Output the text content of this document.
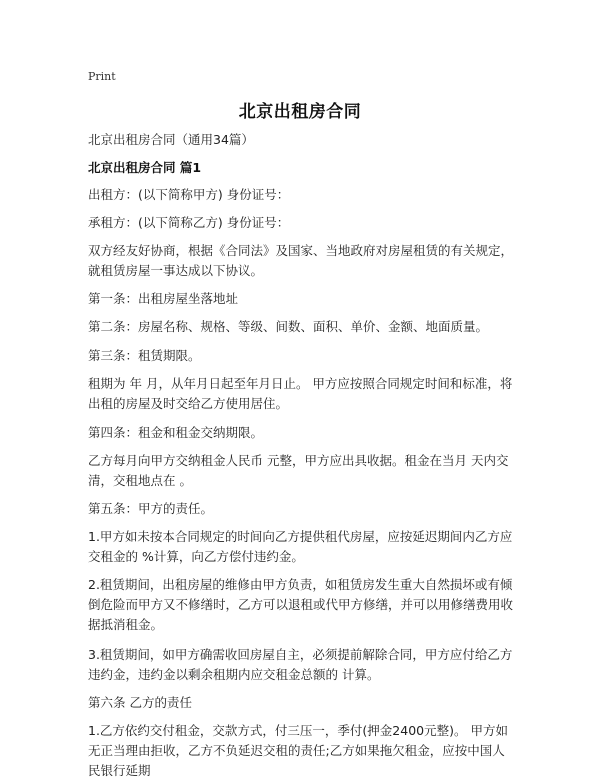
Print
北京出租房合同

北京出租房合同（通用34篇）

北京出租房合同 篇1

出租方：(以下简称甲方) 身份证号：

承租方：(以下简称乙方) 身份证号：

双方经友好协商，根据《合同法》及国家、当地政府对房屋租赁的有关规定，就租赁房屋一事达成以下协议。

第一条：出租房屋坐落地址

第二条：房屋名称、规格、等级、间数、面积、单价、金额、地面质量。

第三条：租赁期限。

租期为 年 月，从年月日起至年月日止。 甲方应按照合同规定时间和标准，将出租的房屋及时交给乙方使用居住。

第四条：租金和租金交纳期限。

乙方每月向甲方交纳租金人民币 元整，甲方应出具收据。租金在当月 天内交清，交租地点在 。

第五条：甲方的责任。

1.甲方如未按本合同规定的时间向乙方提供租代房屋，应按延迟期间内乙方应交租金的 %计算，向乙方偿付违约金。

2.租赁期间，出租房屋的维修由甲方负责，如租赁房发生重大自然损坏或有倾倒危险而甲方又不修缮时，乙方可以退租或代甲方修缮，并可以用修缮费用收据抵消租金。

3.租赁期间，如甲方确需收回房屋自主，必须提前解除合同，甲方应付给乙方违约金，违约金以剩余租期内应交租金总额的 计算。

第六条 乙方的责任

1.乙方依约交付租金，交款方式，付三压一，季付(押金2400元整)。 甲方如无正当理由拒收，乙方不负延迟交租的责任;乙方如果拖欠租金，应按中国人民银行延期
